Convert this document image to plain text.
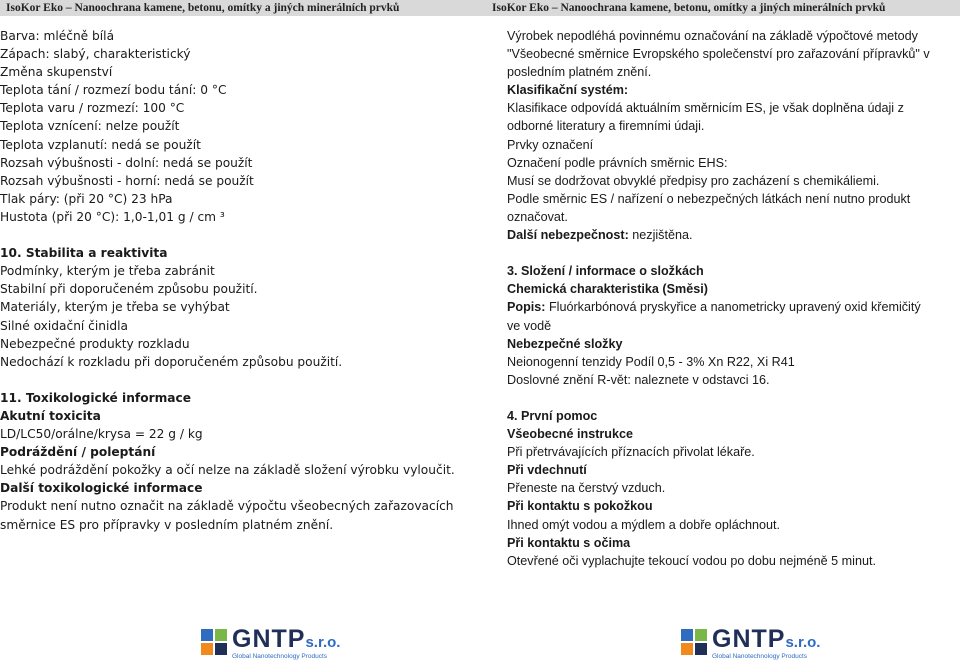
IsoKor Eko – Nanoochrana kamene, betonu, omítky a jiných minerálních prvků
Barva: mléčně bílá
Zápach: slabý, charakteristický
Změna skupenství
Teplota tání / rozmezí bodu tání: 0 °C
Teplota varu / rozmezí: 100 °C
Teplota vznícení: nelze použít
Teplota vzplanutí: nedá se použít
Rozsah výbušnosti - dolní: nedá se použít
Rozsah výbušnosti - horní: nedá se použít
Tlak páry: (při 20 °C) 23 hPa
Hustota (při 20 °C): 1,0-1,01 g / cm ³
10. Stabilita a reaktivita
Podmínky, kterým je třeba zabránit
Stabilní při doporučeném způsobu použití.
Materiály, kterým je třeba se vyhýbat
Silné oxidační činidla
Nebezpečné produkty rozkladu
Nedochází k rozkladu při doporučeném způsobu použití.
11. Toxikologické informace
Akutní toxicita
LD/LC50/orálne/krysa = 22 g / kg
Podráždění / poleptání
Lehké podráždění pokožky a očí nelze na základě složení výrobku vyloučit.
Další toxikologické informace
Produkt není nutno označit na základě výpočtu všeobecných zařazovacích
směrnice ES pro přípravky v posledním platném znění.
GNTPs.r.o.
Global Nanotechnology Products
IsoKor Eko – Nanoochrana kamene, betonu, omítky a jiných minerálních prvků
Výrobek nepodléhá povinnému označování na základě výpočtové metody
"Všeobecné směrnice Evropského společenství pro zařazování přípravků" v
posledním platném znění.
Klasifikační systém:
Klasifikace odpovídá aktuálním směrnicím ES, je však doplněna údaji z
odborné literatury a firemními údaji.
Prvky označení
Označení podle právních směrnic EHS:
Musí se dodržovat obvyklé předpisy pro zacházení s chemikáliemi.
Podle směrnic ES / nařízení o nebezpečných látkách není nutno produkt
označovat.
Další nebezpečnost: nezjištěna.
3. Složení / informace o složkách
Chemická charakteristika (Směsi)
Popis: Fluórkarbónová pryskyřice a nanometricky upravený oxid křemičitý
ve vodě
Nebezpečné složky
Neionogenní tenzidy Podíl 0,5 - 3% Xn R22, Xi R41
Doslovné znění R-vět: naleznete v odstavci 16.
4. První pomoc
Všeobecné instrukce
Při přetrvávajících příznacích přivolat lékaře.
Při vdechnutí
Přeneste na čerstvý vzduch.
Při kontaktu s pokožkou
Ihned omýt vodou a mýdlem a dobře opláchnout.
Při kontaktu s očima
Otevřené oči vyplachujte tekoucí vodou po dobu nejméně 5 minut.
GNTPs.r.o.
Global Nanotechnology Products
